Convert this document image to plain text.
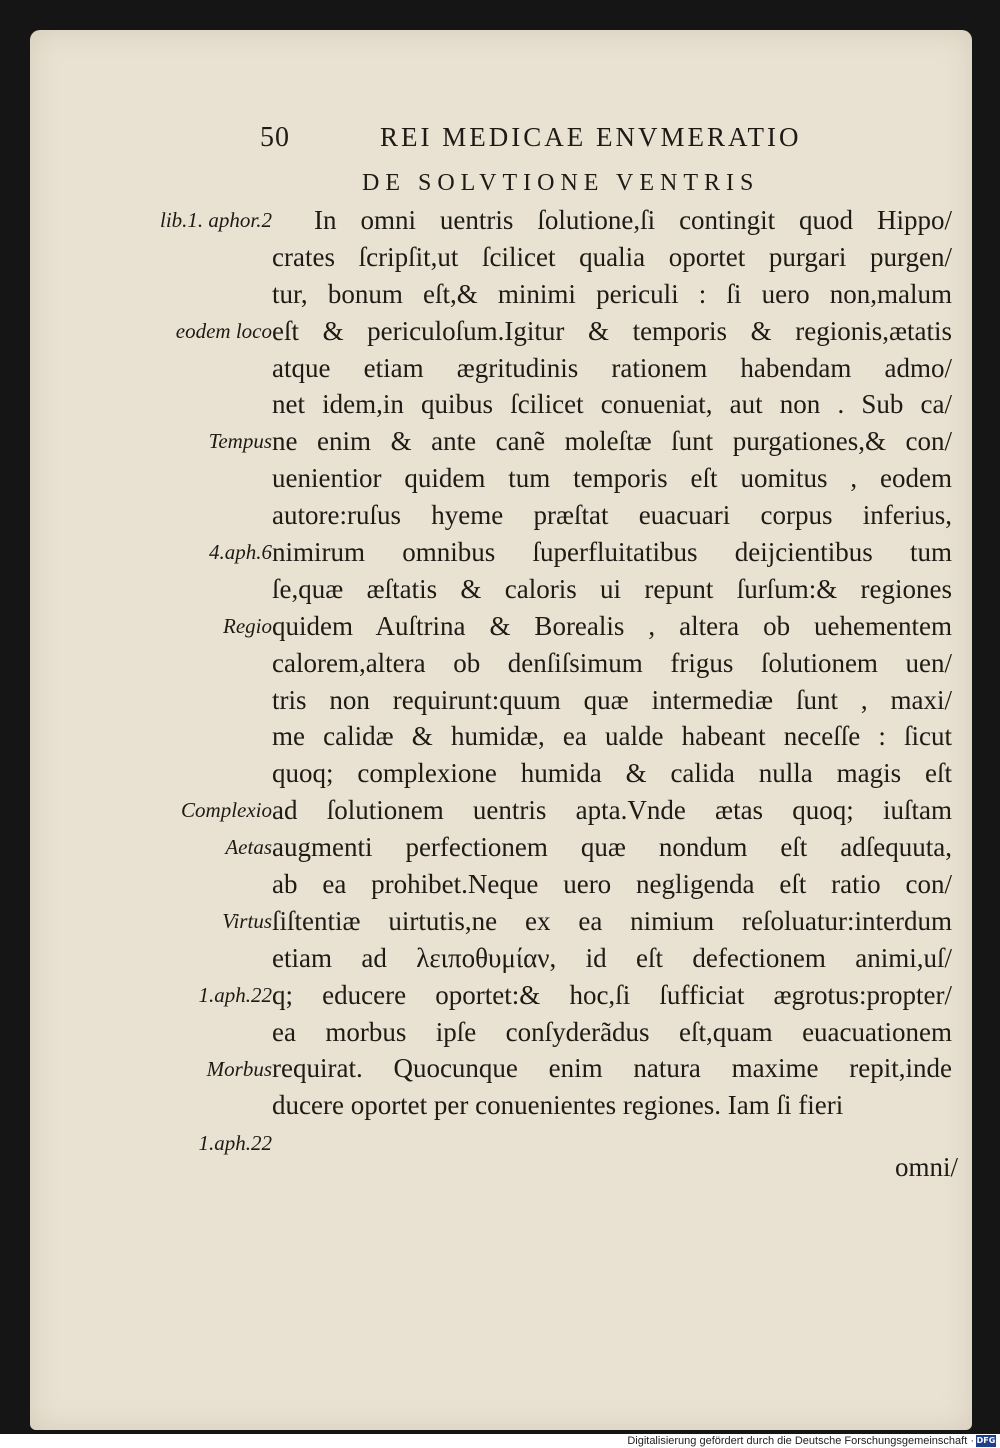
50	REI MEDICAE ENVMERATIO
DE SOLVTIONE VENTRIS
lib.1. aphor.2
eodem loco
Tempus
4.aph.6
Regio
Complexio
Aetas
Virtus
1.aph.22
Morbus
1.aph.22
In omni uentris ſolutione,ſi contingit quod Hippo/
crates ſcripſit,ut ſcilicet qualia oportet purgari purgen/
tur, bonum eſt,& minimi periculi : ſi uero non,malum
eſt & periculoſum.Igitur & temporis & regionis,ætatis
atque etiam ægritudinis rationem habendam admo/
net idem,in quibus ſcilicet conueniat, aut non . Sub ca/
ne enim & ante canẽ moleſtæ ſunt purgationes,& con/
uenientior quidem tum temporis eſt uomitus , eodem
autore:ruſus hyeme præſtat euacuari corpus inferius,
nimirum omnibus ſuperfluitatibus deijcientibus tum
ſe,quæ æſtatis & caloris ui repunt ſurſum:& regiones
quidem Auſtrina & Borealis , altera ob uehementem
calorem,altera ob denſiſsimum frigus ſolutionem uen/
tris non requirunt:quum quæ intermediæ ſunt , maxi/
me calidæ & humidæ, ea ualde habeant neceſſe : ſicut
quoq; complexione humida & calida nulla magis eſt
ad ſolutionem uentris apta.Vnde ætas quoq; iuſtam
augmenti perfectionem quæ nondum eſt adſequuta,
ab ea prohibet.Neque uero negligenda eſt ratio con/
ſiſtentiæ uirtutis,ne ex ea nimium reſoluatur:interdum
etiam ad λειποθυμίαν, id eſt defectionem animi,uſ/
q; educere oportet:& hoc,ſi ſufficiat ægrotus:propter/
ea morbus ipſe conſyderãdus eſt,quam euacuationem
requirat. Quocunque enim natura maxime repit,inde
ducere oportet per conuenientes regiones. Iam ſi fieri
omni/
Digitalisierung gefördert durch die Deutsche Forschungsgemeinschaft · DFG
